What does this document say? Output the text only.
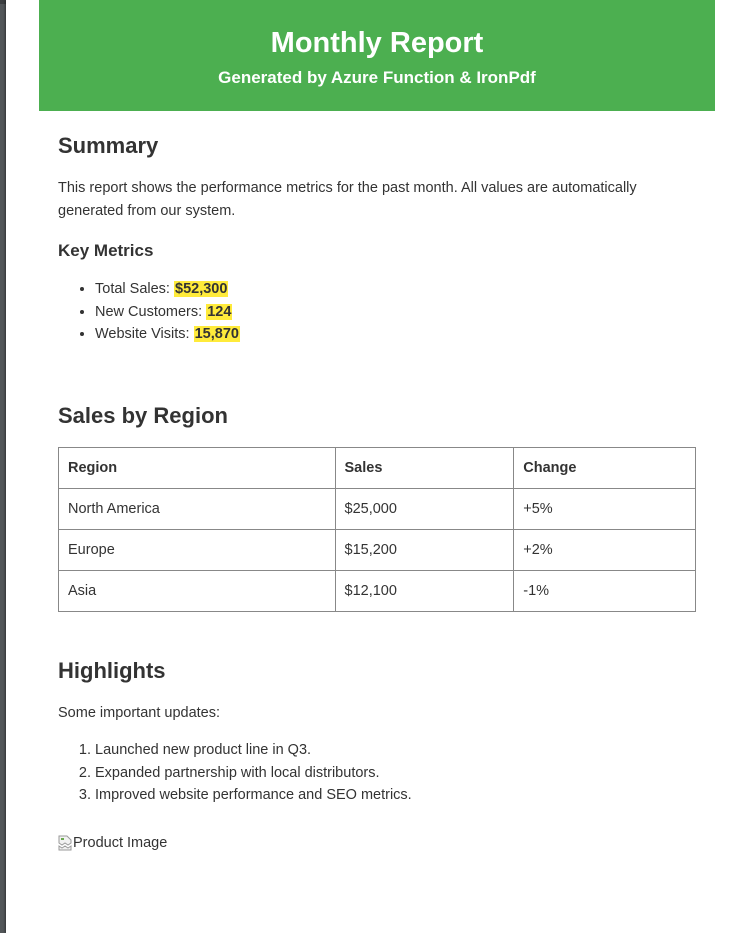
Monthly Report
Generated by Azure Function & IronPdf
Summary

This report shows the performance metrics for the past month. All values are automatically generated from our system.

Key Metrics
• Total Sales: $52,300
• New Customers: 124
• Website Visits: 15,870
Sales by Region
Region	Sales	Change
North America	$25,000	+5%
Europe	$15,200	+2%
Asia	$12,100	-1%
Highlights

Some important updates:

1. Launched new product line in Q3.
2. Expanded partnership with local distributors.
3. Improved website performance and SEO metrics.
Product Image
